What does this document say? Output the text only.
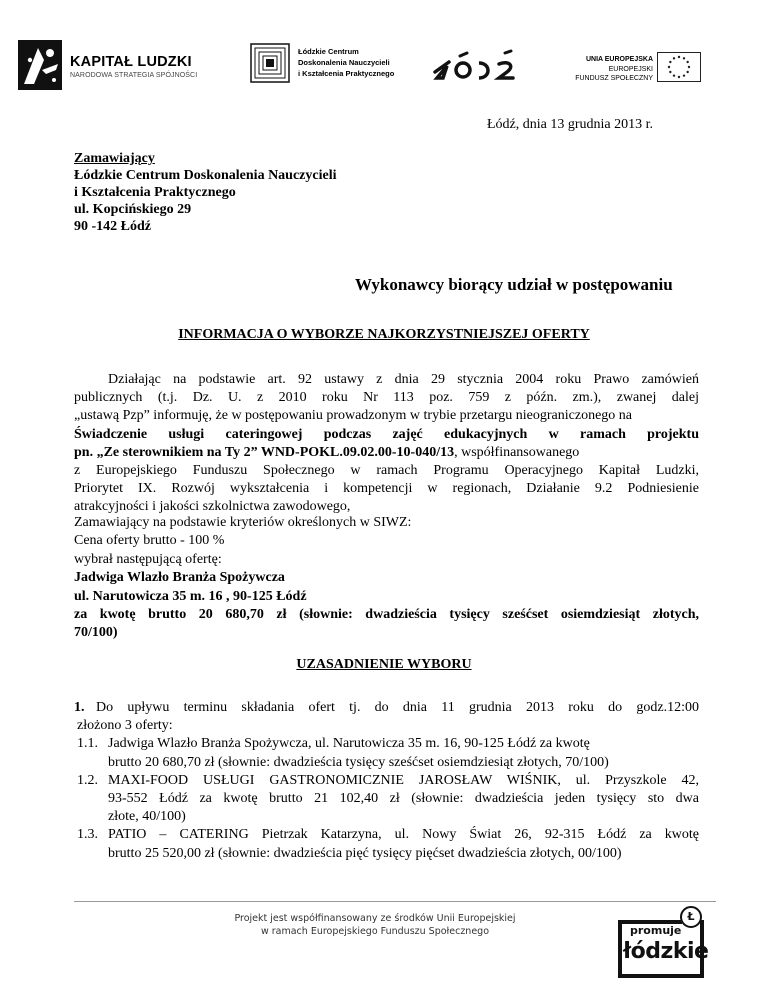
KAPITAŁ LUDZKI
NARODOWA STRATEGIA SPÓJNOŚCI
Łódzkie Centrum
Doskonalenia Nauczycieli
i Kształcenia Praktycznego
UNIA EUROPEJSKA
EUROPEJSKI
FUNDUSZ SPOŁECZNY
Łódź, dnia 13 grudnia 2013 r.
Zamawiający
Łódzkie Centrum Doskonalenia Nauczycieli
i Kształcenia Praktycznego
ul. Kopcińskiego 29
90 -142 Łódź
Wykonawcy biorący udział w postępowaniu
INFORMACJA O WYBORZE NAJKORZYSTNIEJSZEJ OFERTY
Działając na podstawie art. 92 ustawy z dnia 29 stycznia 2004 roku Prawo zamówień
publicznych (t.j. Dz. U. z 2010 roku Nr 113 poz. 759 z późn. zm.), zwanej dalej
„ustawą Pzp” informuję, że w postępowaniu prowadzonym w trybie przetargu nieograniczonego na
Świadczenie usługi cateringowej podczas zajęć edukacyjnych w ramach projektu
pn. „Ze sterownikiem na Ty 2” WND-POKL.09.02.00-10-040/13, współfinansowanego
z Europejskiego Funduszu Społecznego w ramach Programu Operacyjnego Kapitał Ludzki,
Priorytet IX. Rozwój wykształcenia i kompetencji w regionach, Działanie 9.2 Podniesienie
atrakcyjności i jakości szkolnictwa zawodowego,
Zamawiający na podstawie kryteriów określonych w SIWZ:
Cena oferty brutto - 100 %
wybrał następującą ofertę:
Jadwiga Wlazło Branża Spożywcza
ul. Narutowicza 35 m. 16 , 90-125 Łódź
za kwotę brutto 20 680,70 zł (słownie: dwadzieścia tysięcy sześćset osiemdziesiąt złotych,
70/100)
UZASADNIENIE WYBORU
1. Do upływu terminu składania ofert tj. do dnia 11 grudnia 2013 roku do godz.12:00
złożono 3 oferty:
1.1. Jadwiga Wlazło Branża Spożywcza, ul. Narutowicza 35 m. 16, 90-125 Łódź za kwotę
brutto 20 680,70 zł (słownie: dwadzieścia tysięcy sześćset osiemdziesiąt złotych, 70/100)
1.2. MAXI-FOOD USŁUGI GASTRONOMICZNIE JAROSŁAW WIŚNIK, ul. Przyszkole 42,
93-552 Łódź za kwotę brutto 21 102,40 zł (słownie: dwadzieścia jeden tysięcy sto dwa
złote, 40/100)
1.3. PATIO – CATERING Pietrzak Katarzyna, ul. Nowy Świat 26, 92-315 Łódź za kwotę
brutto 25 520,00 zł (słownie: dwadzieścia pięć tysięcy pięćset dwadzieścia złotych, 00/100)
Projekt jest współfinansowany ze środków Unii Europejskiej
w ramach Europejskiego Funduszu Społecznego
Ł
promuje
łódzkie
